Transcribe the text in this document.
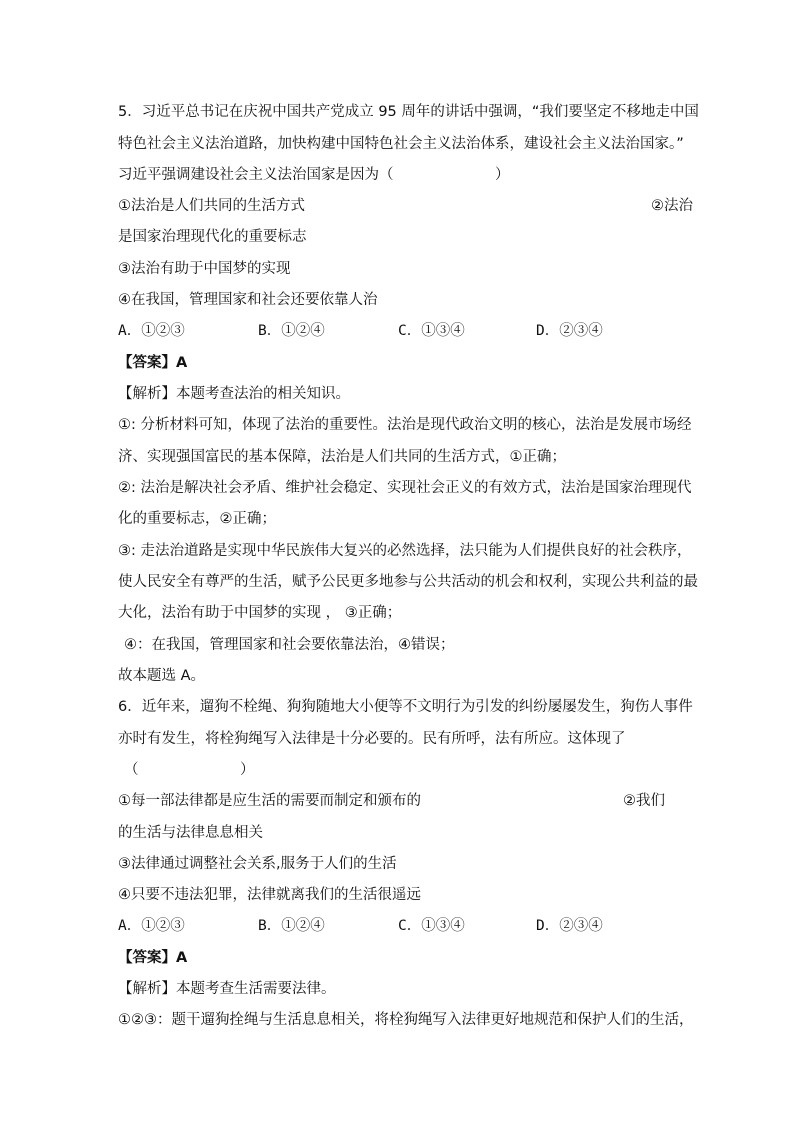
5．习近平总书记在庆祝中国共产党成立 95 周年的讲话中强调，“我们要坚定不移地走中国
特色社会主义法治道路，加快构建中国特色社会主义法治体系，建设社会主义法治国家。”
习近平强调建设社会主义法治国家是因为（　　　　　　　）
①法治是人们共同的生活方式	②法治
是国家治理现代化的重要标志
③法治有助于中国梦的实现
④在我国，管理国家和社会还要依靠人治
A．①②③	B．①②④	C．①③④	D．②③④
【答案】A
【解析】本题考查法治的相关知识。
①: 分析材料可知，体现了法治的重要性。法治是现代政治文明的核心，法治是发展市场经
济、实现强国富民的基本保障，法治是人们共同的生活方式，①正确；
②: 法治是解决社会矛盾、维护社会稳定、实现社会正义的有效方式，法治是国家治理现代
化的重要标志，②正确；
③: 走法治道路是实现中华民族伟大复兴的必然选择，法只能为人们提供良好的社会秩序，
使人民安全有尊严的生活，赋予公民更多地参与公共活动的机会和权利，实现公共利益的最
大化，法治有助于中国梦的实现 ， ③正确；
④：在我国，管理国家和社会要依靠法治，④错误；
故本题选 A。
6．近年来，遛狗不栓绳、狗狗随地大小便等不文明行为引发的纠纷屡屡发生，狗伤人事件
亦时有发生，将栓狗绳写入法律是十分必要的。民有所呼，法有所应。这体现了
（　　　　　　　）
①每一部法律都是应生活的需要而制定和颁布的	②我们
的生活与法律息息相关
③法律通过调整社会关系,服务于人们的生活
④只要不违法犯罪，法律就离我们的生活很遥远
A．①②③	B．①②④	C．①③④	D．②③④
【答案】A
【解析】本题考查生活需要法律。
①②③：题干遛狗拴绳与生活息息相关，将栓狗绳写入法律更好地规范和保护人们的生活，
